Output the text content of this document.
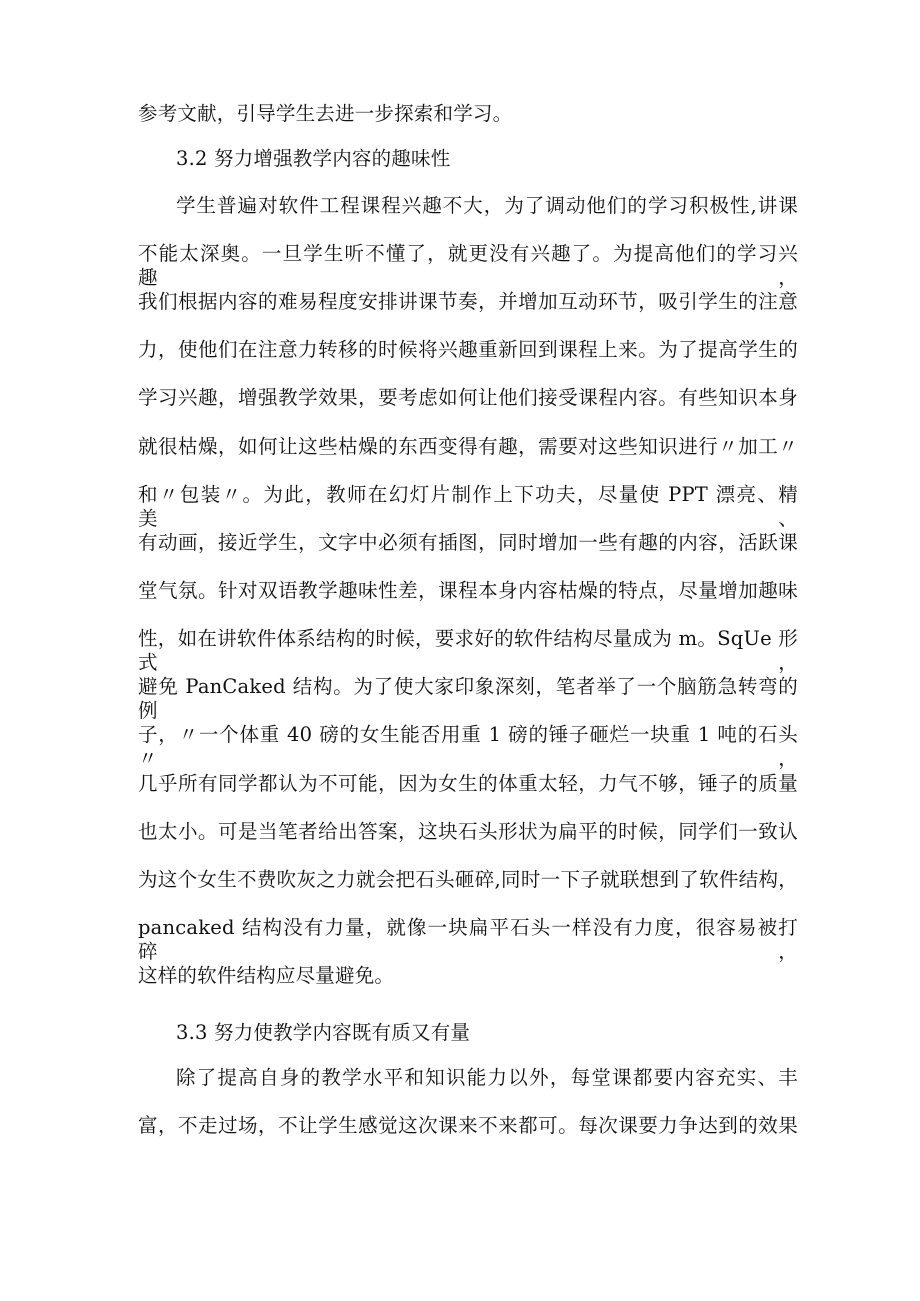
参考文献，引导学生去进一步探索和学习。
3.2 努力增强教学内容的趣味性
学生普遍对软件工程课程兴趣不大，为了调动他们的学习积极性,讲课
不能太深奥。一旦学生听不懂了，就更没有兴趣了。为提高他们的学习兴趣，
我们根据内容的难易程度安排讲课节奏，并增加互动环节，吸引学生的注意
力，使他们在注意力转移的时候将兴趣重新回到课程上来。为了提高学生的
学习兴趣，增强教学效果，要考虑如何让他们接受课程内容。有些知识本身
就很枯燥，如何让这些枯燥的东西变得有趣，需要对这些知识进行〃加工〃
和〃包装〃。为此，教师在幻灯片制作上下功夫，尽量使 PPT 漂亮、精美、
有动画，接近学生，文字中必须有插图，同时增加一些有趣的内容，活跃课
堂气氛。针对双语教学趣味性差，课程本身内容枯燥的特点，尽量增加趣味
性，如在讲软件体系结构的时候，要求好的软件结构尽量成为 m。SqUe 形式，
避免 PanCaked 结构。为了使大家印象深刻，笔者举了一个脑筋急转弯的例
子，〃一个体重 40 磅的女生能否用重 1 磅的锤子砸烂一块重 1 吨的石头〃，
几乎所有同学都认为不可能，因为女生的体重太轻，力气不够，锤子的质量
也太小。可是当笔者给出答案，这块石头形状为扁平的时候，同学们一致认
为这个女生不费吹灰之力就会把石头砸碎,同时一下子就联想到了软件结构，
pancaked 结构没有力量，就像一块扁平石头一样没有力度，很容易被打碎，
这样的软件结构应尽量避免。
3.3 努力使教学内容既有质又有量
除了提高自身的教学水平和知识能力以外，每堂课都要内容充实、丰
富，不走过场，不让学生感觉这次课来不来都可。每次课要力争达到的效果
